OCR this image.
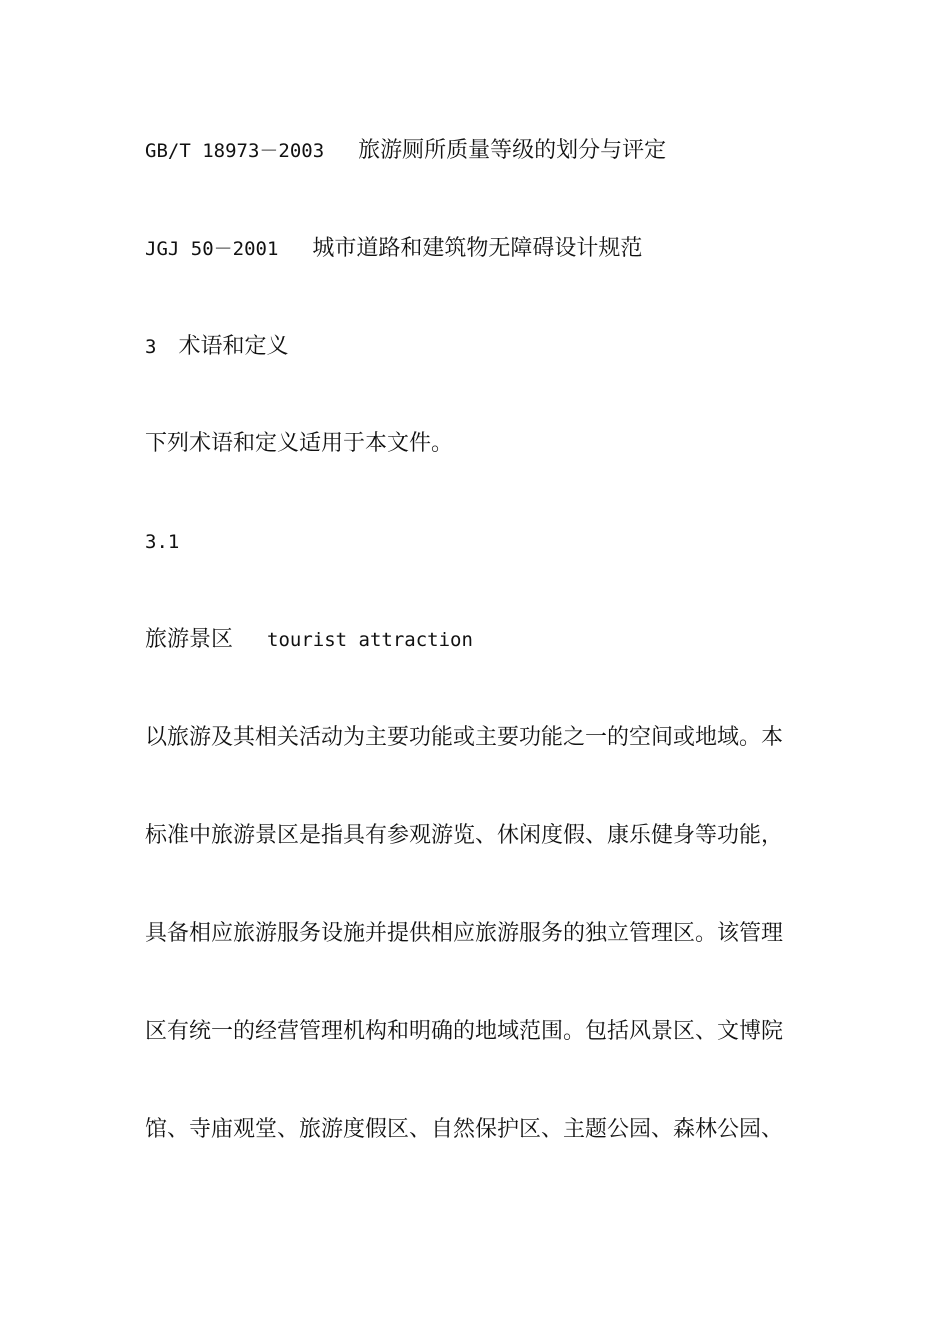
GB/T 18973－2003 旅游厕所质量等级的划分与评定
JGJ 50－2001 城市道路和建筑物无障碍设计规范
3 术语和定义
下列术语和定义适用于本文件。
3.1
旅游景区 tourist attraction
以旅游及其相关活动为主要功能或主要功能之一的空间或地域。本
标准中旅游景区是指具有参观游览、休闲度假、康乐健身等功能，
具备相应旅游服务设施并提供相应旅游服务的独立管理区。该管理
区有统一的经营管理机构和明确的地域范围。包括风景区、文博院
馆、寺庙观堂、旅游度假区、自然保护区、主题公园、森林公园、
